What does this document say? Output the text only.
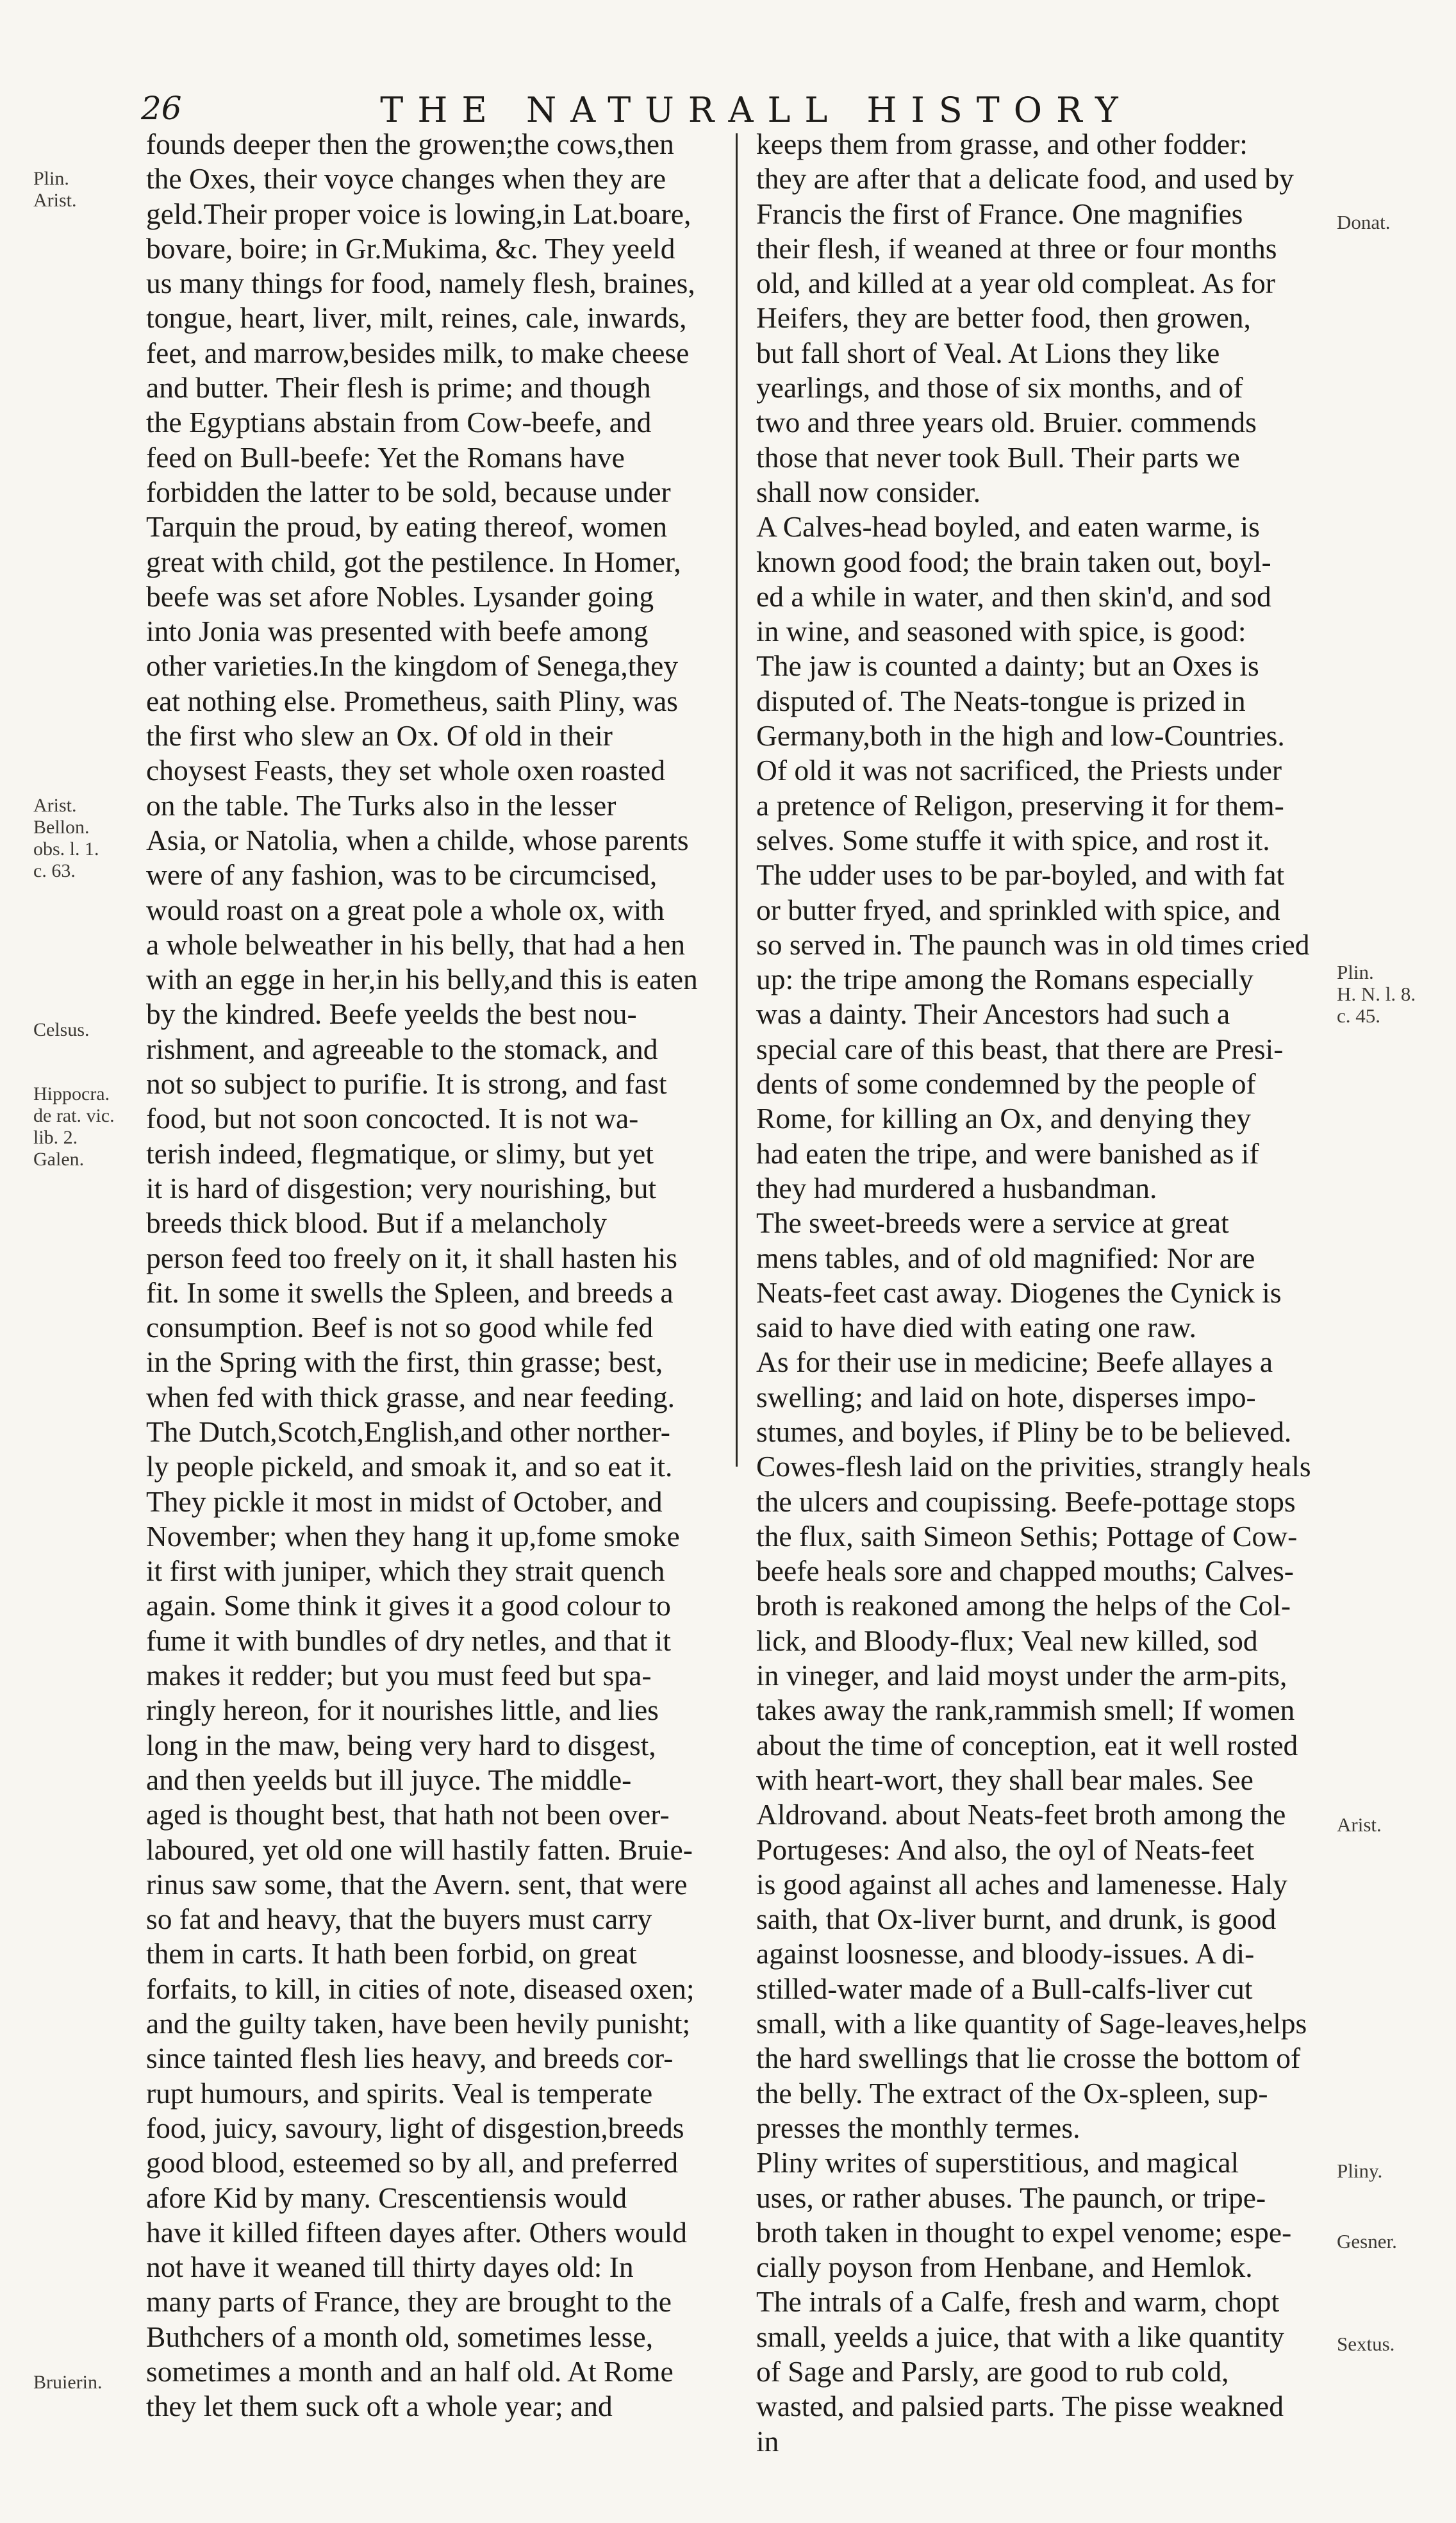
26	THE NATURALL HISTORY
founds deeper then the growen;the cows,then
the Oxes, their voyce changes when they are
geld.Their proper voice is lowing,in Lat.boare,
bovare, boire; in Gr.Mukima, &c. They yeeld
us many things for food, namely flesh, braines,
tongue, heart, liver, milt, reines, cale, inwards,
feet, and marrow,besides milk, to make cheese
and butter. Their flesh is prime; and though
the Egyptians abstain from Cow-beefe, and
feed on Bull-beefe: Yet the Romans have
forbidden the latter to be sold, because under
Tarquin the proud, by eating thereof, women
great with child, got the pestilence. In Homer,
beefe was set afore Nobles. Lysander going
into Jonia was presented with beefe among
other varieties.In the kingdom of Senega,they
eat nothing else. Prometheus, saith Pliny, was
the first who slew an Ox. Of old in their
choysest Feasts, they set whole oxen roasted
on the table. The Turks also in the lesser
Asia, or Natolia, when a childe, whose parents
were of any fashion, was to be circumcised,
would roast on a great pole a whole ox, with
a whole belweather in his belly, that had a hen
with an egge in her,in his belly,and this is eaten
by the kindred. Beefe yeelds the best nou-
rishment, and agreeable to the stomack, and
not so subject to purifie. It is strong, and fast
food, but not soon concocted. It is not wa-
terish indeed, flegmatique, or slimy, but yet
it is hard of disgestion; very nourishing, but
breeds thick blood. But if a melancholy
person feed too freely on it, it shall hasten his
fit. In some it swells the Spleen, and breeds a
consumption. Beef is not so good while fed
in the Spring with the first, thin grasse; best,
when fed with thick grasse, and near feeding.
The Dutch,Scotch,English,and other norther-
ly people pickeld, and smoak it, and so eat it.
They pickle it most in midst of October, and
November; when they hang it up,fome smoke
it first with juniper, which they strait quench
again. Some think it gives it a good colour to
fume it with bundles of dry netles, and that it
makes it redder; but you must feed but spa-
ringly hereon, for it nourishes little, and lies
long in the maw, being very hard to disgest,
and then yeelds but ill juyce. The middle-
aged is thought best, that hath not been over-
laboured, yet old one will hastily fatten. Bruie-
rinus saw some, that the Avern. sent, that were
so fat and heavy, that the buyers must carry
them in carts. It hath been forbid, on great
forfaits, to kill, in cities of note, diseased oxen;
and the guilty taken, have been hevily punisht;
since tainted flesh lies heavy, and breeds cor-
rupt humours, and spirits. Veal is temperate
food, juicy, savoury, light of disgestion,breeds
good blood, esteemed so by all, and preferred
afore Kid by many. Crescentiensis would
have it killed fifteen dayes after. Others would
not have it weaned till thirty dayes old: In
many parts of France, they are brought to the
Buthchers of a month old, sometimes lesse,
sometimes a month and an half old. At Rome
they let them suck oft a whole year; and
keeps them from grasse, and other fodder:
they are after that a delicate food, and used by
Francis the first of France. One magnifies
their flesh, if weaned at three or four months
old, and killed at a year old compleat. As for
Heifers, they are better food, then growen,
but fall short of Veal. At Lions they like
yearlings, and those of six months, and of
two and three years old. Bruier. commends
those that never took Bull. Their parts we
shall now consider.
A Calves-head boyled, and eaten warme, is
known good food; the brain taken out, boyl-
ed a while in water, and then skin'd, and sod
in wine, and seasoned with spice, is good:
The jaw is counted a dainty; but an Oxes is
disputed of. The Neats-tongue is prized in
Germany,both in the high and low-Countries.
Of old it was not sacrificed, the Priests under
a pretence of Religon, preserving it for them-
selves. Some stuffe it with spice, and rost it.
The udder uses to be par-boyled, and with fat
or butter fryed, and sprinkled with spice, and
so served in. The paunch was in old times cried
up: the tripe among the Romans especially
was a dainty. Their Ancestors had such a
special care of this beast, that there are Presi-
dents of some condemned by the people of
Rome, for killing an Ox, and denying they
had eaten the tripe, and were banished as if
they had murdered a husbandman.
The sweet-breeds were a service at great
mens tables, and of old magnified: Nor are
Neats-feet cast away. Diogenes the Cynick is
said to have died with eating one raw.
As for their use in medicine; Beefe allayes a
swelling; and laid on hote, disperses impo-
stumes, and boyles, if Pliny be to be believed.
Cowes-flesh laid on the privities, strangly heals
the ulcers and coupissing. Beefe-pottage stops
the flux, saith Simeon Sethis; Pottage of Cow-
beefe heals sore and chapped mouths; Calves-
broth is reakoned among the helps of the Col-
lick, and Bloody-flux; Veal new killed, sod
in vineger, and laid moyst under the arm-pits,
takes away the rank,rammish smell; If women
about the time of conception, eat it well rosted
with heart-wort, they shall bear males. See
Aldrovand. about Neats-feet broth among the
Portugeses: And also, the oyl of Neats-feet
is good against all aches and lamenesse. Haly
saith, that Ox-liver burnt, and drunk, is good
against loosnesse, and bloody-issues. A di-
stilled-water made of a Bull-calfs-liver cut
small, with a like quantity of Sage-leaves,helps
the hard swellings that lie crosse the bottom of
the belly. The extract of the Ox-spleen, sup-
presses the monthly termes.
Pliny writes of superstitious, and magical
uses, or rather abuses. The paunch, or tripe-
broth taken in thought to expel venome; espe-
cially poyson from Henbane, and Hemlok.
The intrals of a Calfe, fresh and warm, chopt
small, yeelds a juice, that with a like quantity
of Sage and Parsly, are good to rub cold,
wasted, and palsied parts. The pisse weakned
in
Plin.
Arist.
Arist.
Bellon.
obs. l. 1.
c. 63.
Celsus.
Hippocra.
de rat. vic.
lib. 2.
Galen.
Bruierin.
Donat.
Plin.
H. N. l. 8.
c. 45.
Arist.
Pliny.
Gesner.
Sextus.
